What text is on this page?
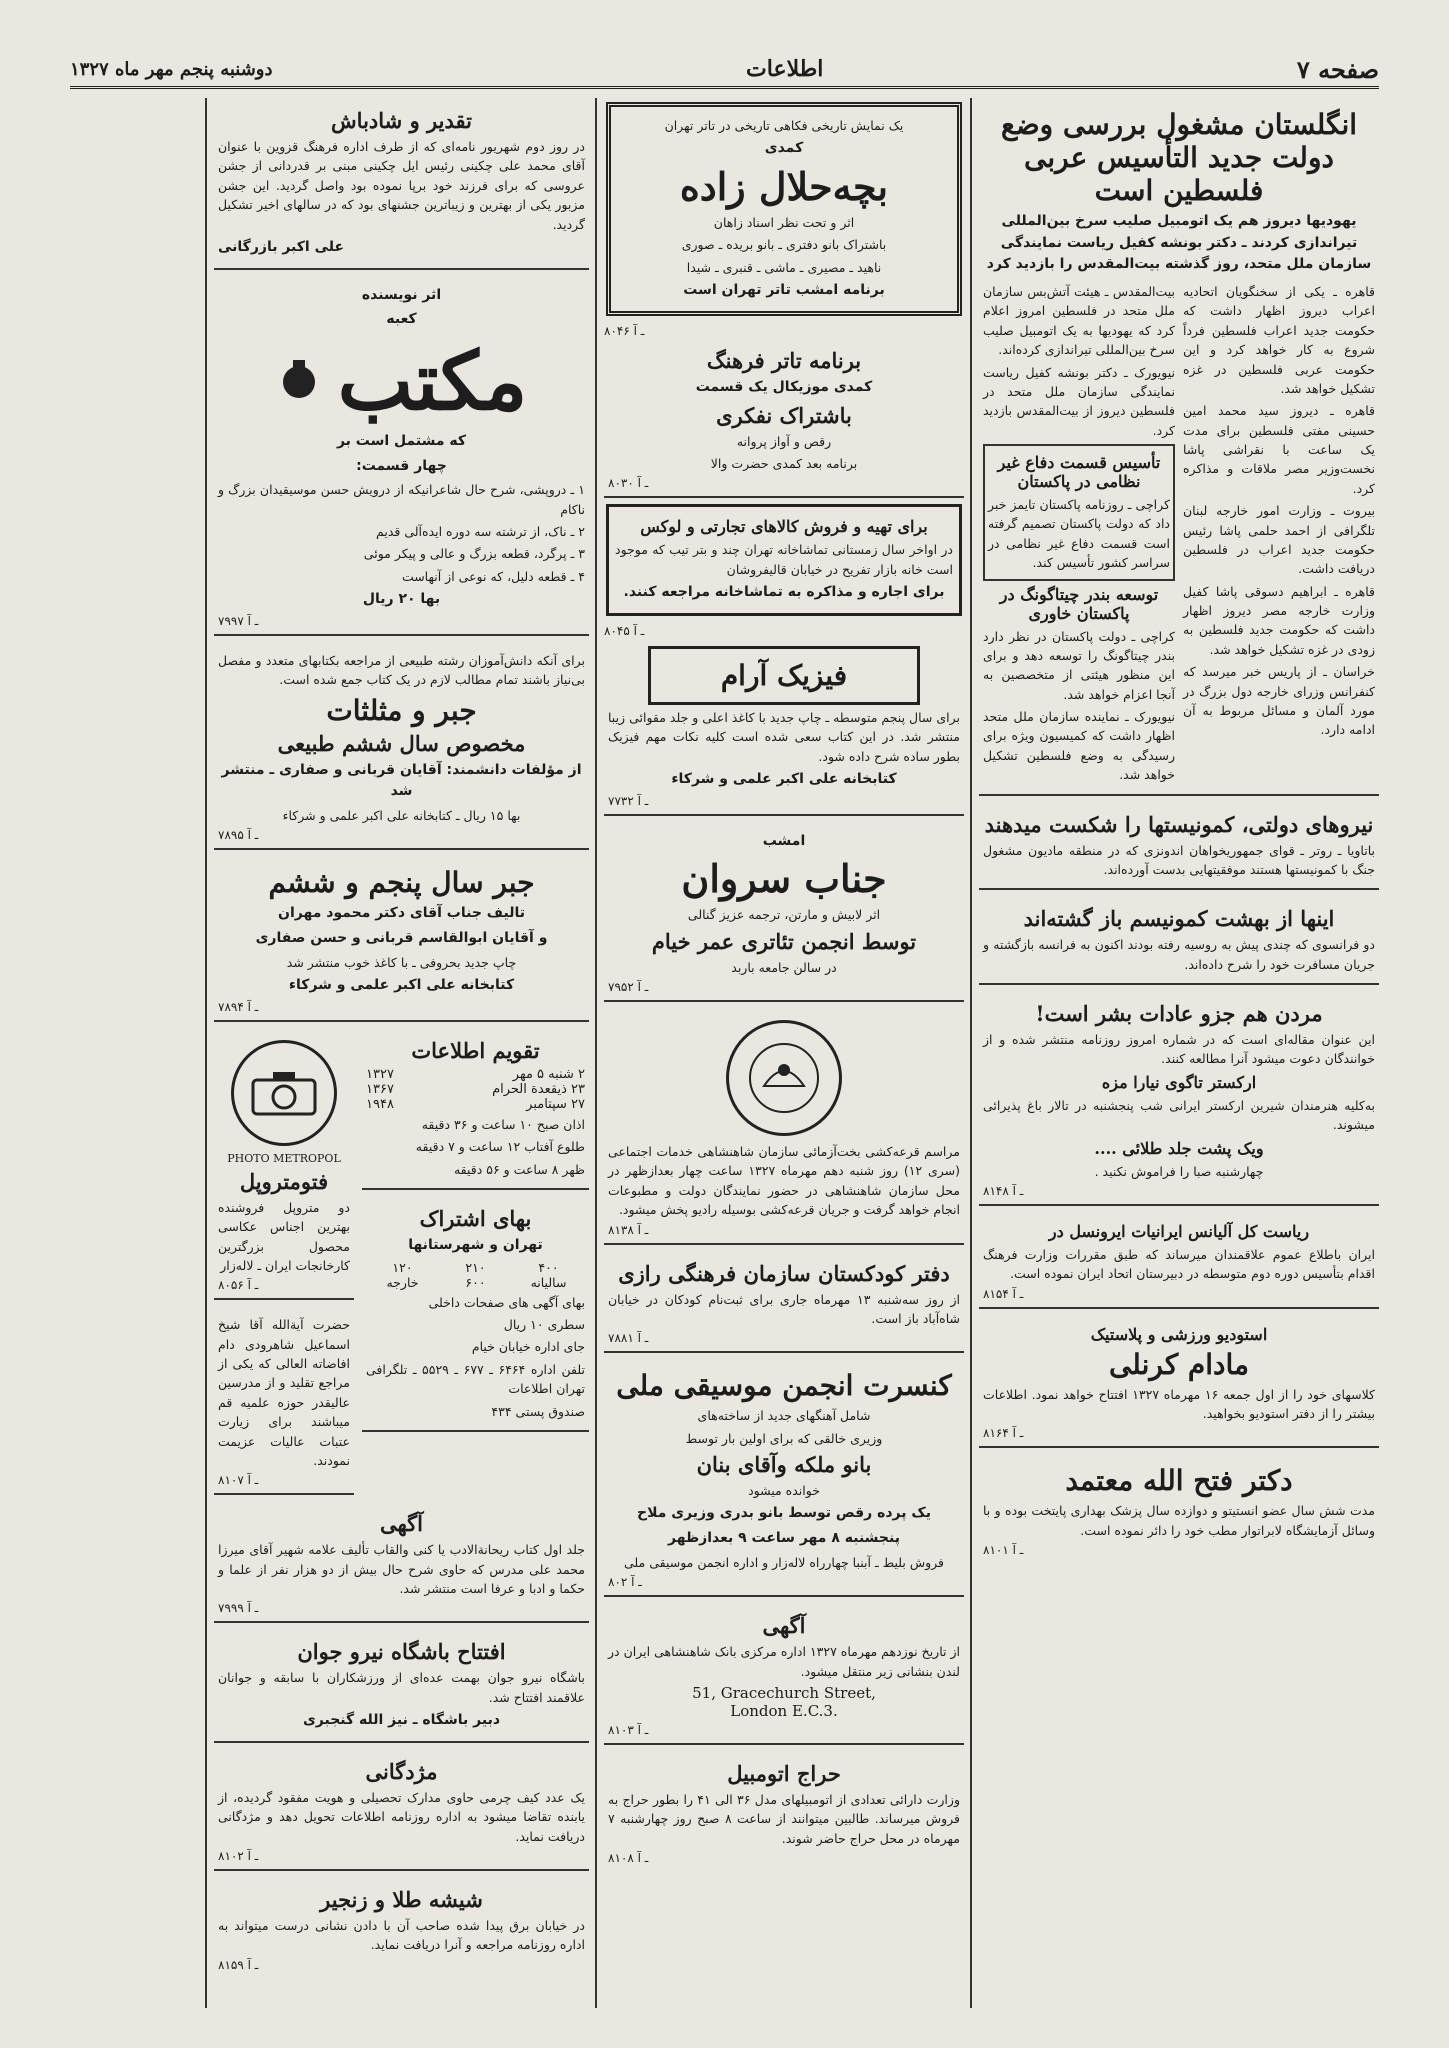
صفحه ۷
اطلاعات
دوشنبه پنجم مهر ماه ۱۳۲۷
انگلستان مشغول بررسی وضع دولت جدید التأسیس عربی فلسطین است

یهودیها دیروز هم یک اتومبیل صلیب سرخ بین‌المللی تیراندازی کردند ـ دکتر بونشه کفیل ریاست نمایندگی سازمان ملل متحد، روز گذشته بیت‌المقدس را بازدید کرد

قاهره ـ یکی از سخنگویان اتحادیه اعراب دیروز اظهار داشت که حکومت جدید اعراب فلسطین فرداً شروع به کار خواهد کرد و این حکومت عربی فلسطین در غزه تشکیل خواهد شد.

قاهره ـ دیروز سید محمد امین حسینی مفتی فلسطین برای مدت یک ساعت با نقراشی پاشا نخست‌وزیر مصر ملاقات و مذاکره کرد.

بیروت ـ وزارت امور خارجه لبنان تلگرافی از احمد حلمی پاشا رئیس حکومت جدید اعراب در فلسطین دریافت داشت.

قاهره ـ ابراهیم دسوقی پاشا کفیل وزارت خارجه مصر دیروز اظهار داشت که حکومت جدید فلسطین به زودی در غزه تشکیل خواهد شد.

خراسان ـ از پاریس خبر میرسد که کنفرانس وزرای خارجه دول بزرگ در مورد آلمان و مسائل مربوط به آن ادامه دارد.

بیت‌المقدس ـ هیئت آتش‌بس سازمان ملل متحد در فلسطین امروز اعلام کرد که یهودیها به یک اتومبیل صلیب سرخ بین‌المللی تیراندازی کرده‌اند.

نیویورک ـ دکتر بونشه کفیل ریاست نمایندگی سازمان ملل متحد در فلسطین دیروز از بیت‌المقدس بازدید کرد.

تأسیس قسمت دفاع غیر نظامی در پاکستان

کراچی ـ روزنامه پاکستان تایمز خبر داد که دولت پاکستان تصمیم گرفته است قسمت دفاع غیر نظامی در سراسر کشور تأسیس کند.

توسعه بندر چیتاگونگ در پاکستان خاوری

کراچی ـ دولت پاکستان در نظر دارد بندر چیتاگونگ را توسعه دهد و برای این منظور هیئتی از متخصصین به آنجا اعزام خواهد شد.

نیویورک ـ نماینده سازمان ملل متحد اظهار داشت که کمیسیون ویژه برای رسیدگی به وضع فلسطین تشکیل خواهد شد.

نیروهای دولتی، کمونیستها را شکست میدهند

باتاویا ـ روتر ـ قوای جمهوریخواهان اندونزی که در منطقه مادیون مشغول جنگ با کمونیستها هستند موفقیتهایی بدست آورده‌اند.

اینها از بهشت کمونیسم باز گشته‌اند

دو فرانسوی که چندی پیش به روسیه رفته بودند اکنون به فرانسه بازگشته و جریان مسافرت خود را شرح داده‌اند.

مردن هم جزو عادات بشر است!

این عنوان مقاله‌ای است که در شماره امروز روزنامه منتشر شده و از خوانندگان دعوت میشود آنرا مطالعه کنند.

ارکستر تاگوی نیارا مزه

به‌کلیه هنرمندان شیرین ارکستر ایرانی شب پنجشنبه در تالار باغ پذیرائی میشوند.

ویک پشت جلد طلائی ....

چهارشنبه صبا را فراموش نکنید .

۸۱۴۸ ـ آ
رياست كل آليانس ايرانيات ايرونسل در

ایران باطلاع عموم علاقمندان میرساند که طبق مقررات وزارت فرهنگ اقدام بتأسیس دوره دوم متوسطه در دبیرستان اتحاد ایران نموده است.

۸۱۵۴ ـ آ
استودیو ورزشی و پلاستیک
مادام کرنلی

کلاسهای خود را از اول جمعه ۱۶ مهرماه ۱۳۲۷ افتتاح خواهد نمود. اطلاعات بیشتر را از دفتر استودیو بخواهید.

۸۱۶۴ ـ آ
دکتر فتح الله معتمد

مدت شش سال عضو انستیتو و دوازده سال پزشک بهداری پایتخت بوده و با وسائل آزمایشگاه لابراتوار مطب خود را دائر نموده است.

۸۱۰۱ ـ آ

یک نمایش تاریخی فکاهی تاریخی در تاتر تهران

کمدی

بچه‌حلال زاده

اثر و تحت نظر اسناد زاهان

باشتراک بانو دفتری ـ بانو بریده ـ صوری

ناهید ـ مصیری ـ ماشی ـ قنبری ـ شیدا

برنامه امشب تاتر تهران است

۸۰۴۶ ـ آ
برنامه تاتر فرهنگ

کمدی موزیکال یک قسمت

باشتراک نفکری

رقص و آواز پروانه

برنامه بعد کمدی حضرت والا

۸۰۳۰ ـ آ
برای تهیه و فروش کالاهای تجارتی و لوکس

در اواخر سال زمستانی تماشاخانه تهران چند و بتر تیب که موجود است خانه بازار تفریح در خیابان قالیفروشان

برای اجاره و مذاکره به تماشاخانه مراجعه کنند.

۸۰۴۵ ـ آ
فیزیک آرام

برای سال پنجم متوسطه ـ چاپ جدید با کاغذ اعلی و جلد مقوائی زیبا منتشر شد. در این کتاب سعی شده است کلیه نکات مهم فیزیک بطور ساده شرح داده شود.

کتابخانه علی اکبر علمی و شرکاء

۷۷۳۲ ـ آ

امشب

جناب سروان

اثر لابیش و مارتن، ترجمه عزیز گنالی

توسط انجمن تئاتری عمر خیام

در سالن جامعه باربد

۷۹۵۲ ـ آ

مراسم قرعه‌کشی بخت‌آزمائی سازمان شاهنشاهی خدمات اجتماعی (سری ۱۲) روز شنبه دهم مهرماه ۱۳۲۷ ساعت چهار بعدازظهر در محل سازمان شاهنشاهی در حضور نمایندگان دولت و مطبوعات انجام خواهد گرفت و جریان قرعه‌کشی بوسیله رادیو پخش میشود.

۸۱۳۸ ـ آ
دفتر کودکستان سازمان فرهنگی رازی

از روز سه‌شنبه ۱۳ مهرماه جاری برای ثبت‌نام کودکان در خیابان شاه‌آباد باز است.

۷۸۸۱ ـ آ
کنسرت انجمن موسیقی ملی

شامل آهنگهای جدید از ساخته‌های

وزیری خالقی که برای اولین بار توسط

بانو ملکه وآقای بنان

خوانده میشود

یک پرده رقص توسط بانو بدری وزیری ملاح

پنجشنبه ۸ مهر ساعت ۹ بعدازظهر

فروش بلیط ـ آبنبا چهارراه لاله‌زار و اداره انجمن موسیقی ملی

۸۰۲ ـ آ
آگهی

از تاریخ نوزدهم مهرماه ۱۳۲۷ اداره مرکزی بانک شاهنشاهی ایران در لندن بنشانی زیر منتقل میشود.

51, Gracechurch Street,
London E.C.3.
۸۱۰۳ ـ آ
حراج اتومبیل

وزارت دارائی تعدادی از اتومبیلهای مدل ۳۶ الی ۴۱ را بطور حراج به فروش میرساند. طالبین میتوانند از ساعت ۸ صبح روز چهارشنبه ۷ مهرماه در محل حراج حاضر شوند.

۸۱۰۸ ـ آ
تقدیر و شادباش

در روز دوم شهریور نامه‌ای که از طرف اداره فرهنگ قزوین با عنوان آقای محمد علی چکینی رئیس ایل چکینی مبنی بر قدردانی از جشن عروسی که برای فرزند خود برپا نموده بود واصل گردید. این جشن مزبور یکی از بهترین و زیباترین جشنهای بود که در سالهای اخیر تشکیل گردید.

علی اکبر بازرگانی

اثر نویسنده

کعبه

مکتب

که مشتمل است بر

چهار قسمت:

۱ ـ دروپشی، شرح حال شاعرانیکه از درویش حسن موسیقیدان بزرگ و ناکام

۲ ـ ناک، از ترشته سه دوره ایده‌آلی قدیم

۳ ـ پرگرد، قطعه بزرگ و عالی و پیکر موئی

۴ ـ قطعه دلیل، که نوعی از آنهاست

بها ۲۰ ریال

۷۹۹۷ ـ آ

برای آنکه دانش‌آموزان رشته طبیعی از مراجعه بکتابهای متعدد و مفصل بی‌نیاز باشند تمام مطالب لازم در یک کتاب جمع شده است.

جبر و مثلثات
مخصوص سال ششم طبیعی

از مؤلفات دانشمند: آقایان قربانی و صفاری ـ منتشر شد

بها ۱۵ ریال ـ کتابخانه علی اکبر علمی و شرکاء

۷۸۹۵ ـ آ
جبر سال پنجم و ششم

تالیف جناب آقای دکتر محمود مهران

و آقایان ابوالقاسم قربانی و حسن صفاری

چاپ جدید بحروفی ـ با کاغذ خوب منتشر شد

کتابخانه علی اکبر علمی و شرکاء

۷۸۹۴ ـ آ
تقویم اطلاعات
۲ شنبه ۵ مهر
۱۳۲۷
۲۳ ذیقعدة الحرام
۱۳۶۷
۲۷ سپتامبر
۱۹۴۸

اذان صبح ۱۰ ساعت و ۳۶ دقیقه

طلوع آفتاب ۱۲ ساعت و ۷ دقیقه

ظهر ۸ ساعت و ۵۶ دقیقه

بهای اشتراک

تهران و شهرستانها

۴۰۰
۲۱۰
۱۲۰
سالیانه
۶۰۰
خارجه

بهای آگهی های صفحات داخلی

سطری ۱۰ ریال

جای اداره خیابان خیام

تلفن اداره ۶۴۶۴ ـ ۶۷۷ ـ ۵۵۲۹ ـ تلگرافی تهران اطلاعات

صندوق پستی ۴۳۴

PHOTO METROPOL
فتومتروپل

دو متروپل فروشنده بهترین اجناس عکاسی محصول بزرگترین کارخانجات ایران ـ لاله‌زار

۸۰۵۶ ـ آ

حضرت آیةالله آقا شیخ اسماعیل شاهرودی دام افاضاته العالی که یکی از مراجع تقلید و از مدرسین عالیقدر حوزه علمیه قم میباشند برای زیارت عتبات عالیات عزیمت نمودند.

۸۱۰۷ ـ آ
آگهی

جلد اول کتاب ریحانة‌الادب یا کنی والقاب تألیف علامه شهیر آقای میرزا محمد علی مدرس که حاوی شرح حال بیش از دو هزار نفر از علما و حکما و ادبا و عرفا است منتشر شد.

۷۹۹۹ ـ آ
افتتاح باشگاه نیرو جوان

باشگاه نیرو جوان بهمت عده‌ای از ورزشکاران با سابقه و جوانان علاقمند افتتاح شد.

دبیر باشگاه ـ نیز الله گنجبری

مژدگانی

یک عدد کیف چرمی حاوی مدارک تحصیلی و هویت مفقود گردیده، از یابنده تقاضا میشود به اداره روزنامه اطلاعات تحویل دهد و مژدگانی دریافت نماید.

۸۱۰۲ ـ آ
شیشه طلا و زنجیر

در خیابان برق پیدا شده صاحب آن با دادن نشانی درست میتواند به اداره روزنامه مراجعه و آنرا دریافت نماید.

۸۱۵۹ ـ آ
